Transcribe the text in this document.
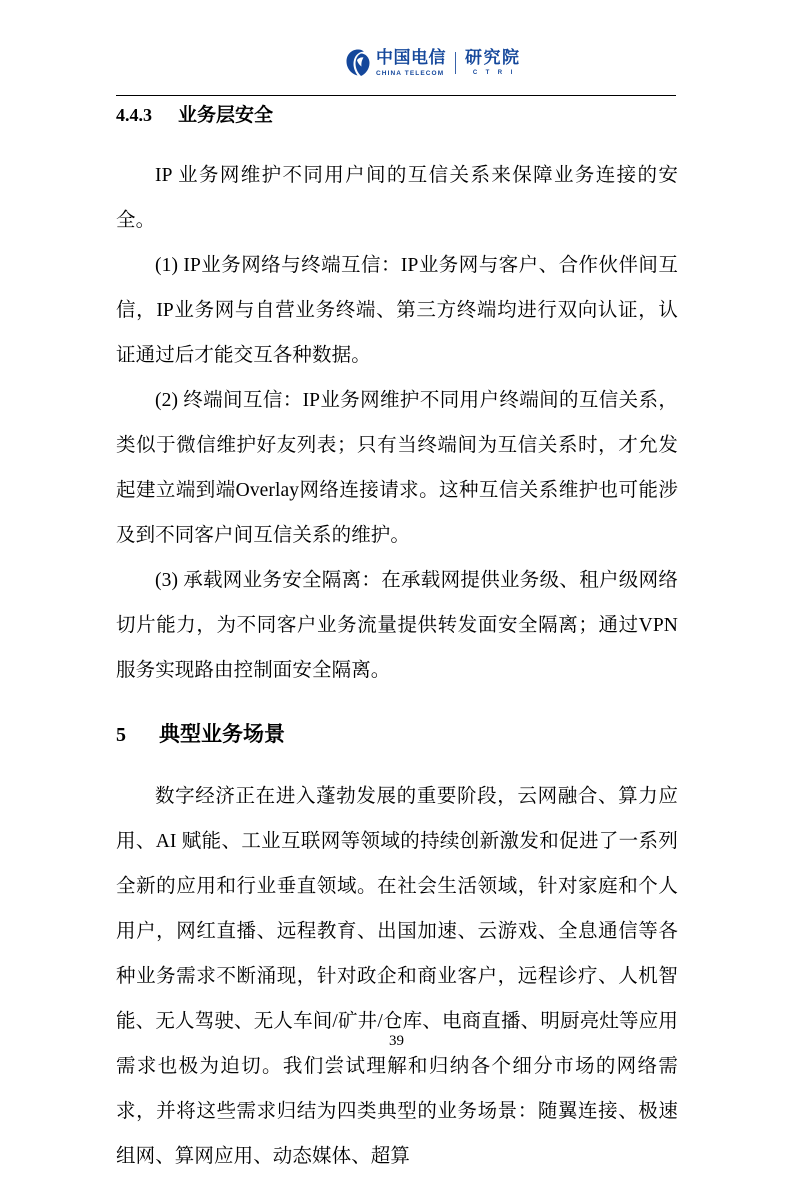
中国电信
CHINA TELECOM
研究院
C T R I
4.4.3	业务层安全

IP 业务网维护不同用户间的互信关系来保障业务连接的安全。

(1) IP业务网络与终端互信：IP业务网与客户、合作伙伴间互信，IP业务网与自营业务终端、第三方终端均进行双向认证，认证通过后才能交互各种数据。

(2) 终端间互信：IP业务网维护不同用户终端间的互信关系，类似于微信维护好友列表；只有当终端间为互信关系时，才允发起建立端到端Overlay网络连接请求。这种互信关系维护也可能涉及到不同客户间互信关系的维护。

(3) 承载网业务安全隔离：在承载网提供业务级、租户级网络切片能力，为不同客户业务流量提供转发面安全隔离；通过VPN服务实现路由控制面安全隔离。

5	典型业务场景

数字经济正在进入蓬勃发展的重要阶段，云网融合、算力应用、AI 赋能、工业互联网等领域的持续创新激发和促进了一系列全新的应用和行业垂直领域。在社会生活领域，针对家庭和个人用户，网红直播、远程教育、出国加速、云游戏、全息通信等各种业务需求不断涌现，针对政企和商业客户，远程诊疗、人机智能、无人驾驶、无人车间/矿井/仓库、电商直播、明厨亮灶等应用需求也极为迫切。我们尝试理解和归纳各个细分市场的网络需求，并将这些需求归结为四类典型的业务场景：随翼连接、极速组网、算网应用、动态媒体、超算

39
